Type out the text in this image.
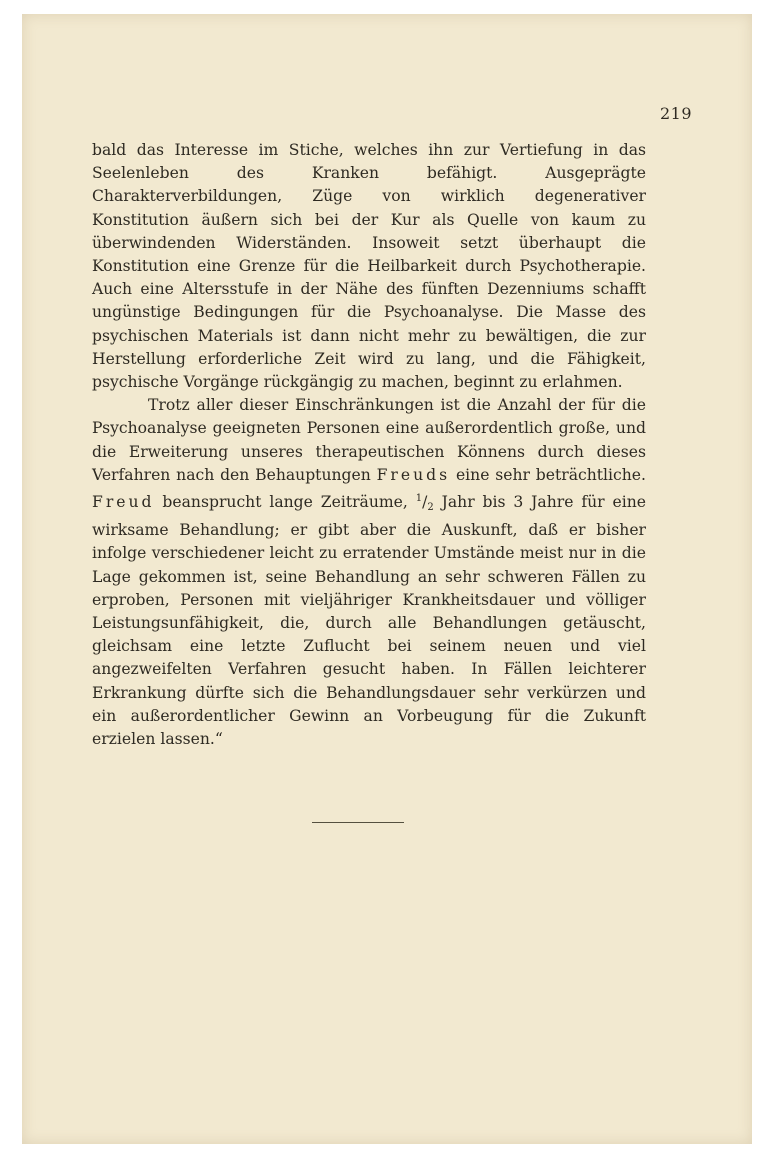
219

bald das Interesse im Stiche, welches ihn zur Vertiefung in das Seelenleben des Kranken befähigt. Ausgeprägte Charakterverbildungen, Züge von wirklich degenerativer Konstitution äußern sich bei der Kur als Quelle von kaum zu überwindenden Widerständen. Insoweit setzt überhaupt die Konstitution eine Grenze für die Heilbarkeit durch Psychotherapie. Auch eine Altersstufe in der Nähe des fünften Dezenniums schafft ungünstige Bedingungen für die Psychoanalyse. Die Masse des psychischen Materials ist dann nicht mehr zu bewältigen, die zur Herstellung erforderliche Zeit wird zu lang, und die Fähigkeit, psychische Vorgänge rückgängig zu machen, beginnt zu erlahmen.

Trotz aller dieser Einschränkungen ist die Anzahl der für die Psychoanalyse geeigneten Personen eine außerordentlich große, und die Erweiterung unseres therapeutischen Könnens durch dieses Verfahren nach den Behauptungen Freuds eine sehr beträchtliche. Freud beansprucht lange Zeiträume, $^1/_2$ Jahr bis 3 Jahre für eine wirksame Behandlung; er gibt aber die Auskunft, daß er bisher infolge verschiedener leicht zu erratender Umstände meist nur in die Lage gekommen ist, seine Behandlung an sehr schweren Fällen zu erproben, Personen mit vieljähriger Krankheitsdauer und völliger Leistungsunfähigkeit, die, durch alle Behandlungen getäuscht, gleichsam eine letzte Zuflucht bei seinem neuen und viel angezweifelten Verfahren gesucht haben. In Fällen leichterer Erkrankung dürfte sich die Behandlungsdauer sehr verkürzen und ein außerordentlicher Gewinn an Vorbeugung für die Zukunft erzielen lassen.“
